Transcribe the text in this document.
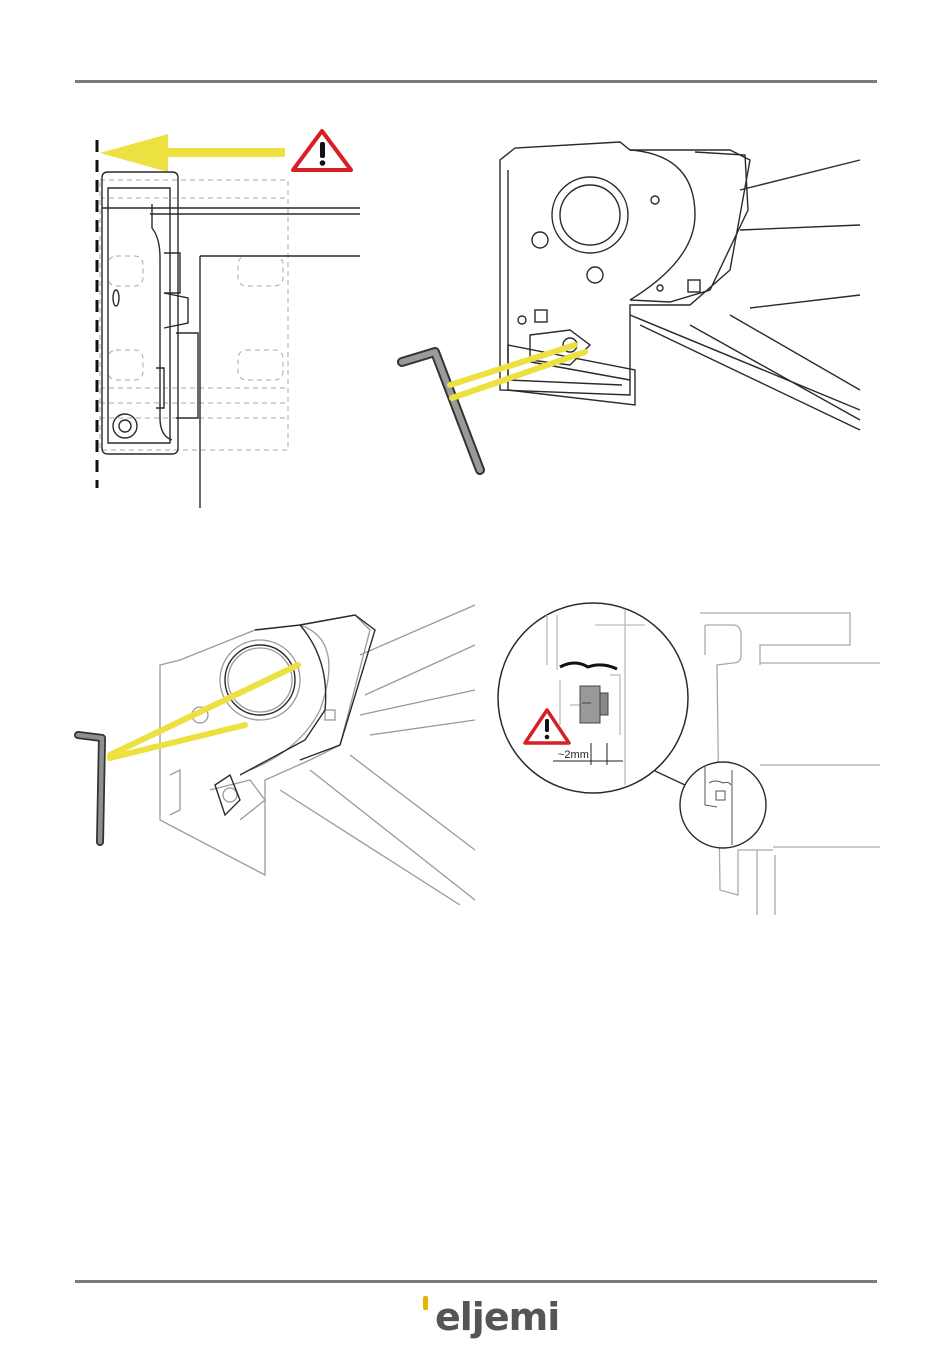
~2mm
eljemi
